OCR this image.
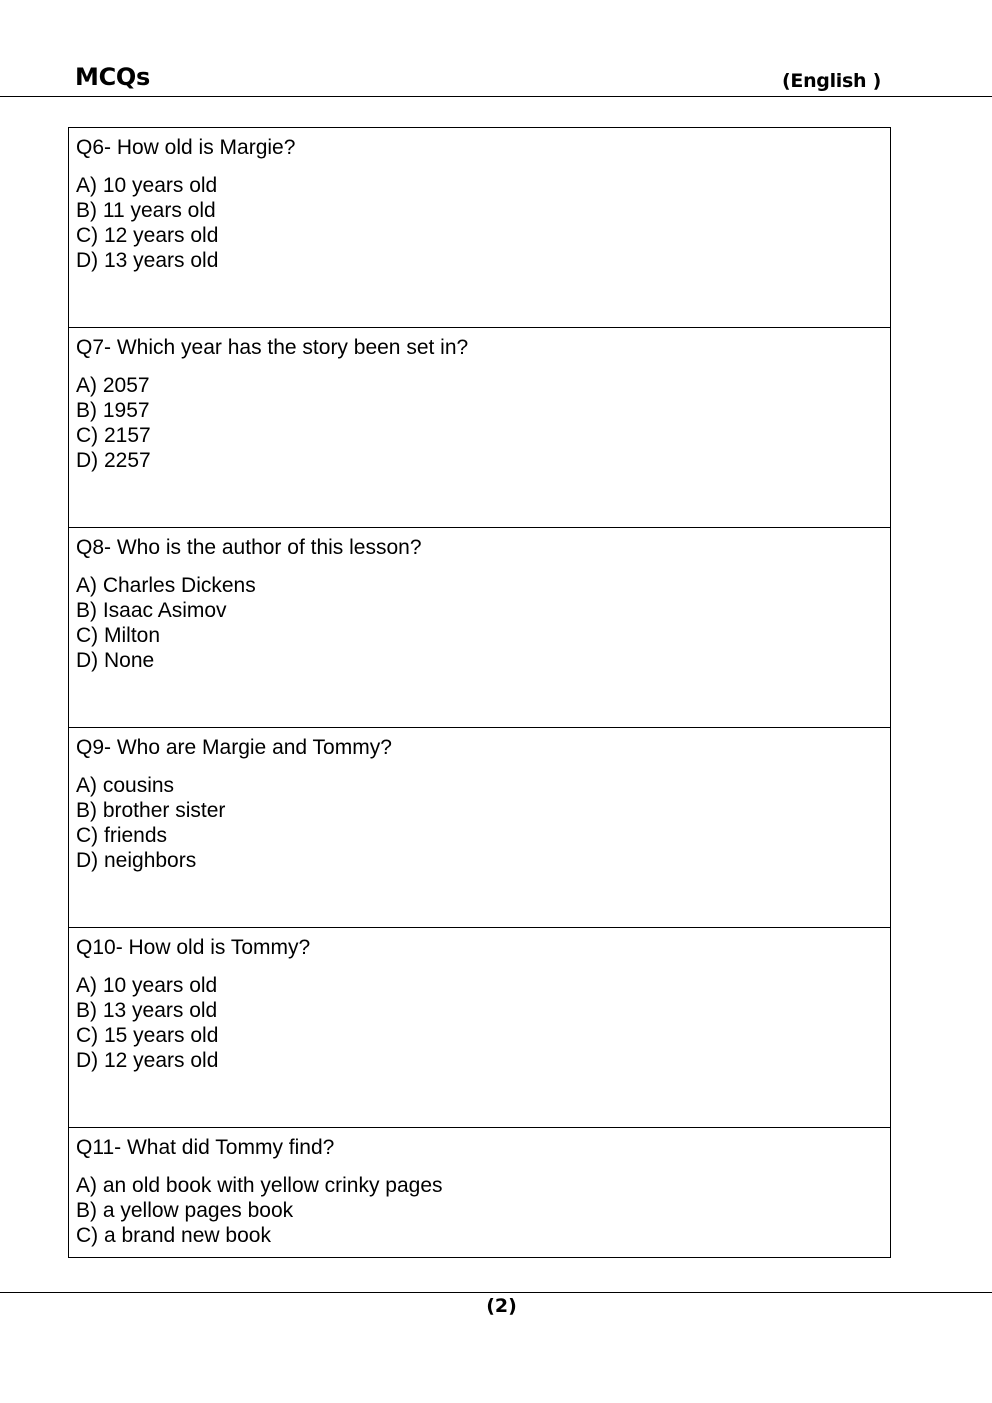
MCQs	(English )
Q6- How old is Margie?
A) 10 years old
B) 11 years old
C) 12 years old
D) 13 years old
Q7- Which year has the story been set in?
A) 2057
B) 1957
C) 2157
D) 2257
Q8- Who is the author of this lesson?
A) Charles Dickens
B) Isaac Asimov
C) Milton
D) None
Q9- Who are Margie and Tommy?
A) cousins
B) brother sister
C) friends
D) neighbors
Q10- How old is Tommy?
A) 10 years old
B) 13 years old
C) 15 years old
D) 12 years old
Q11- What did Tommy find?
A) an old book with yellow crinky pages
B) a yellow pages book
C) a brand new book
(2)
